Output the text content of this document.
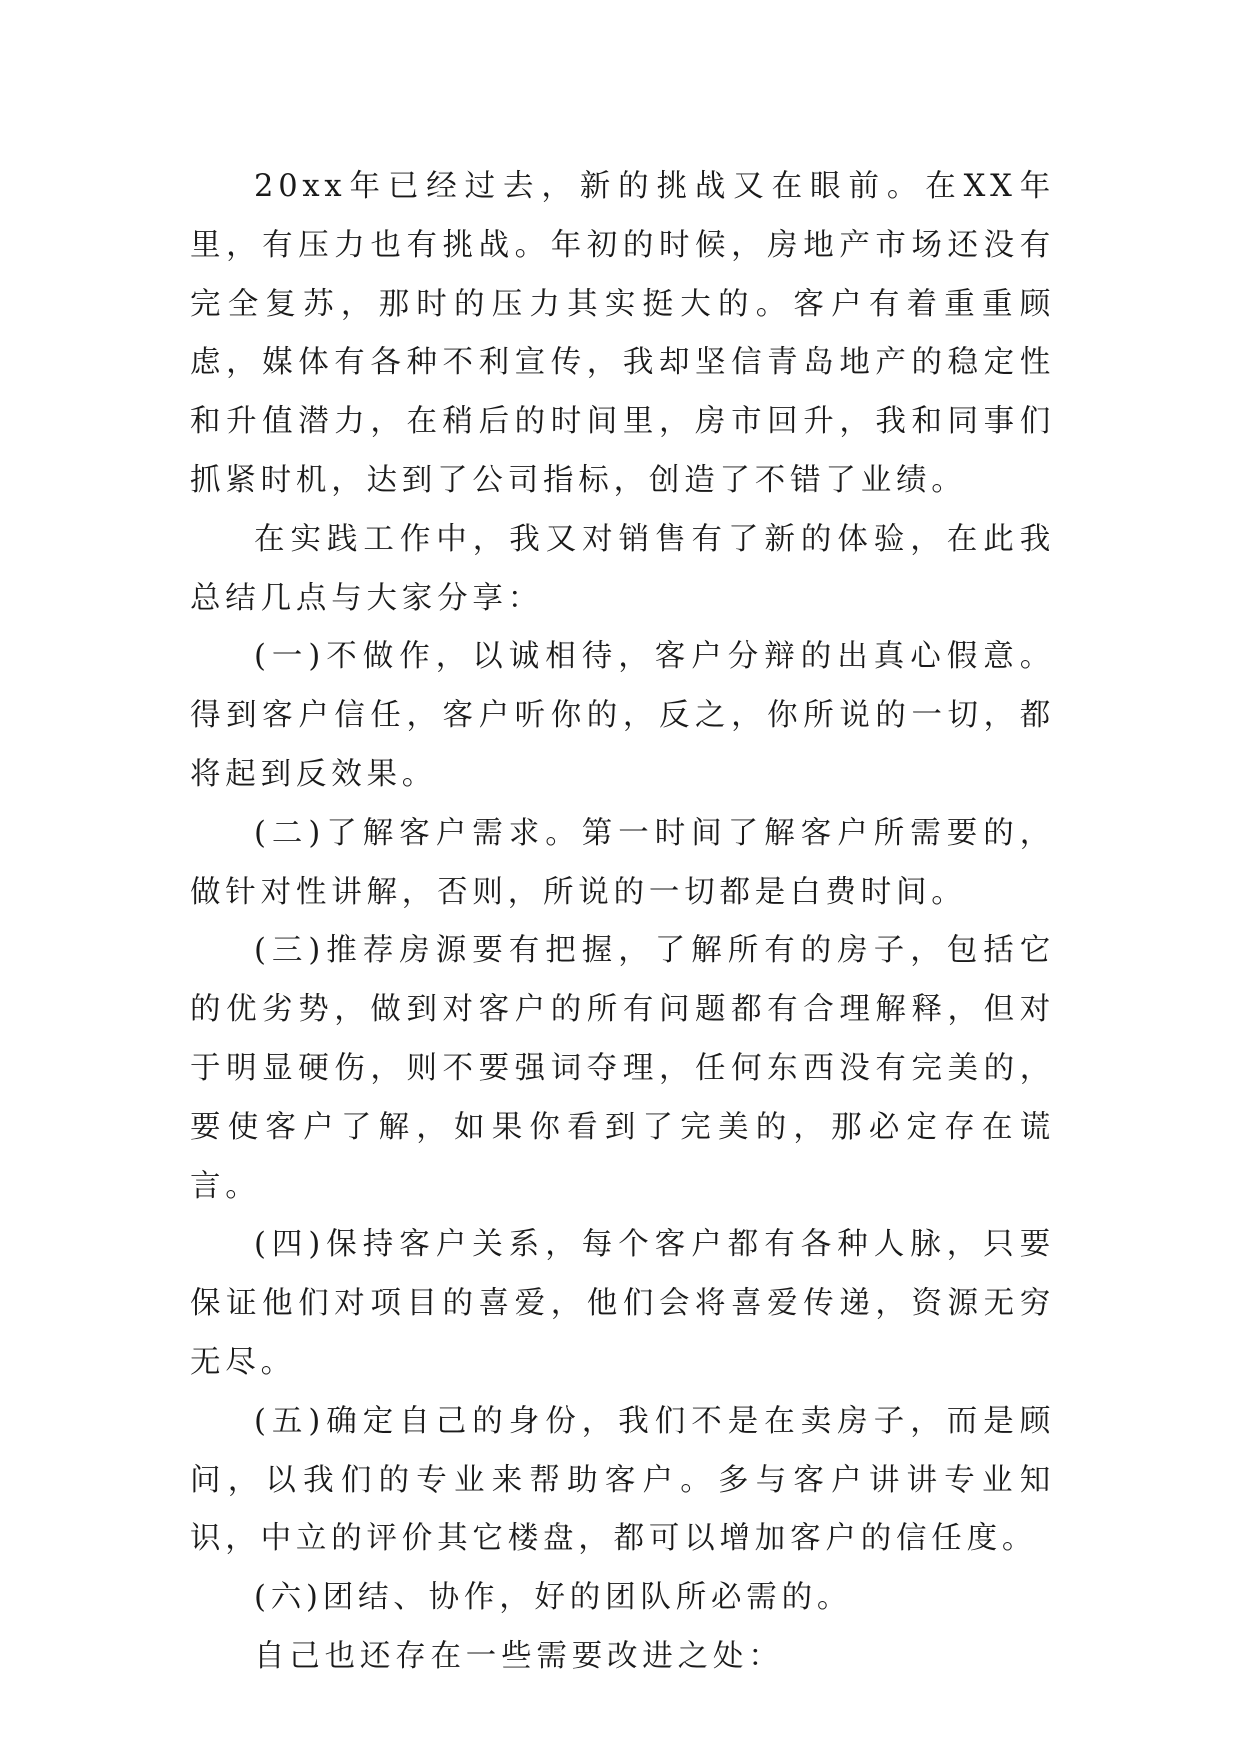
20xx年已经过去，新的挑战又在眼前。在XX年里，有压力也有挑战。年初的时候，房地产市场还没有完全复苏，那时的压力其实挺大的。客户有着重重顾虑，媒体有各种不利宣传，我却坚信青岛地产的稳定性和升值潜力，在稍后的时间里，房市回升，我和同事们抓紧时机，达到了公司指标，创造了不错了业绩。

在实践工作中，我又对销售有了新的体验，在此我总结几点与大家分享：

(一)不做作，以诚相待，客户分辩的出真心假意。得到客户信任，客户听你的，反之，你所说的一切，都将起到反效果。

(二)了解客户需求。第一时间了解客户所需要的，做针对性讲解，否则，所说的一切都是白费时间。

(三)推荐房源要有把握，了解所有的房子，包括它的优劣势，做到对客户的所有问题都有合理解释，但对于明显硬伤，则不要强词夺理，任何东西没有完美的，要使客户了解，如果你看到了完美的，那必定存在谎言。

(四)保持客户关系，每个客户都有各种人脉，只要保证他们对项目的喜爱，他们会将喜爱传递，资源无穷无尽。

(五)确定自己的身份，我们不是在卖房子，而是顾问，以我们的专业来帮助客户。多与客户讲讲专业知识，中立的评价其它楼盘，都可以增加客户的信任度。

(六)团结、协作，好的团队所必需的。

自己也还存在一些需要改进之处：
